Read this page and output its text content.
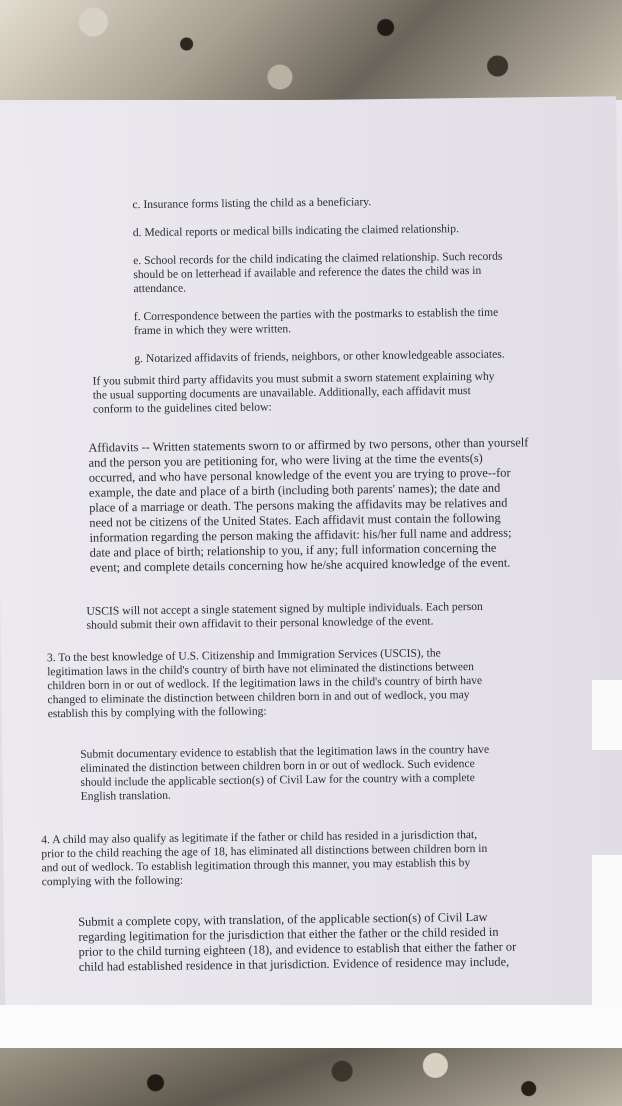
c. Insurance forms listing the child as a beneficiary.
d. Medical reports or medical bills indicating the claimed relationship.
e. School records for the child indicating the claimed relationship. Such records
should be on letterhead if available and reference the dates the child was in
attendance.
f. Correspondence between the parties with the postmarks to establish the time
frame in which they were written.
g. Notarized affidavits of friends, neighbors, or other knowledgeable associates.
If you submit third party affidavits you must submit a sworn statement explaining why
the usual supporting documents are unavailable. Additionally, each affidavit must
conform to the guidelines cited below:
Affidavits -- Written statements sworn to or affirmed by two persons, other than yourself
and the person you are petitioning for, who were living at the time the events(s)
occurred, and who have personal knowledge of the event you are trying to prove--for
example, the date and place of a birth (including both parents' names); the date and
place of a marriage or death. The persons making the affidavits may be relatives and
need not be citizens of the United States. Each affidavit must contain the following
information regarding the person making the affidavit: his/her full name and address;
date and place of birth; relationship to you, if any; full information concerning the
event; and complete details concerning how he/she acquired knowledge of the event.
USCIS will not accept a single statement signed by multiple individuals. Each person
should submit their own affidavit to their personal knowledge of the event.
3. To the best knowledge of U.S. Citizenship and Immigration Services (USCIS), the
legitimation laws in the child's country of birth have not eliminated the distinctions between
children born in or out of wedlock. If the legitimation laws in the child's country of birth have
changed to eliminate the distinction between children born in and out of wedlock, you may
establish this by complying with the following:
Submit documentary evidence to establish that the legitimation laws in the country have
eliminated the distinction between children born in or out of wedlock. Such evidence
should include the applicable section(s) of Civil Law for the country with a complete
English translation.
4. A child may also qualify as legitimate if the father or child has resided in a jurisdiction that,
prior to the child reaching the age of 18, has eliminated all distinctions between children born in
and out of wedlock. To establish legitimation through this manner, you may establish this by
complying with the following:
Submit a complete copy, with translation, of the applicable section(s) of Civil Law
regarding legitimation for the jurisdiction that either the father or the child resided in
prior to the child turning eighteen (18), and evidence to establish that either the father or
child had established residence in that jurisdiction. Evidence of residence may include,
